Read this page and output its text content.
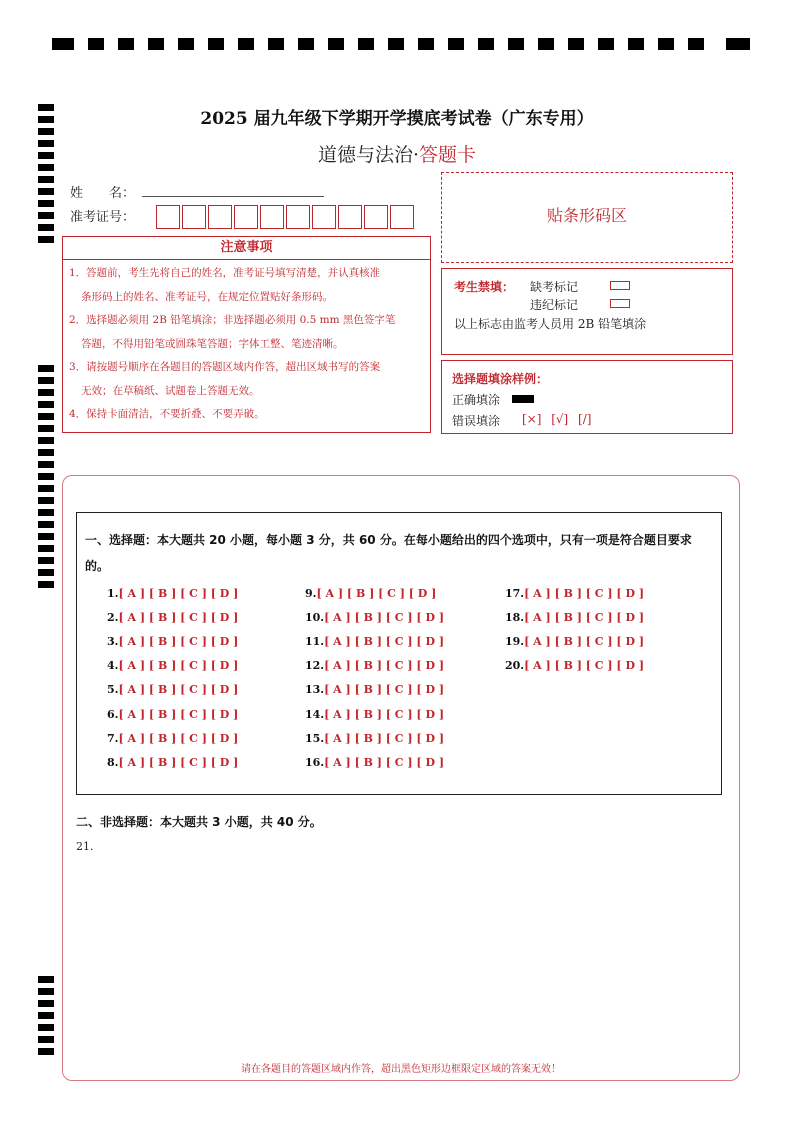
2025 届九年级下学期开学摸底考试卷（广东专用）
道德与法治·答题卡
姓　　名：
准考证号：
注意事项

1．答题前，考生先将自己的姓名，准考证号填写清楚，并认真核准

条形码上的姓名、准考证号，在规定位置贴好条形码。

2．选择题必须用 2B 铅笔填涂；非选择题必须用 0.5 mm 黑色签字笔

答题，不得用铅笔或圆珠笔答题；字体工整、笔迹清晰。

3．请按题号顺序在各题目的答题区域内作答，超出区域书写的答案

无效；在草稿纸、试题卷上答题无效。

4．保持卡面清洁，不要折叠、不要弄破。

贴条形码区
考生禁填： 缺考标记
违纪标记
以上标志由监考人员用 2B 铅笔填涂
选择题填涂样例：
正确填涂
错误填涂 [×] [√] [/]
一、选择题：本大题共 20 小题，每小题 3 分，共 60 分。在每小题给出的四个选项中，只有一项是符合题目要求的。
1.[ A ] [ B ] [ C ] [ D ]
2.[ A ] [ B ] [ C ] [ D ]
3.[ A ] [ B ] [ C ] [ D ]
4.[ A ] [ B ] [ C ] [ D ]
5.[ A ] [ B ] [ C ] [ D ]
6.[ A ] [ B ] [ C ] [ D ]
7.[ A ] [ B ] [ C ] [ D ]
8.[ A ] [ B ] [ C ] [ D ]
9.[ A ] [ B ] [ C ] [ D ]
10.[ A ] [ B ] [ C ] [ D ]
11.[ A ] [ B ] [ C ] [ D ]
12.[ A ] [ B ] [ C ] [ D ]
13.[ A ] [ B ] [ C ] [ D ]
14.[ A ] [ B ] [ C ] [ D ]
15.[ A ] [ B ] [ C ] [ D ]
16.[ A ] [ B ] [ C ] [ D ]
17.[ A ] [ B ] [ C ] [ D ]
18.[ A ] [ B ] [ C ] [ D ]
19.[ A ] [ B ] [ C ] [ D ]
20.[ A ] [ B ] [ C ] [ D ]
二、非选择题：本大题共 3 小题，共 40 分。
21.
请在各题目的答题区域内作答，超出黑色矩形边框限定区域的答案无效！
